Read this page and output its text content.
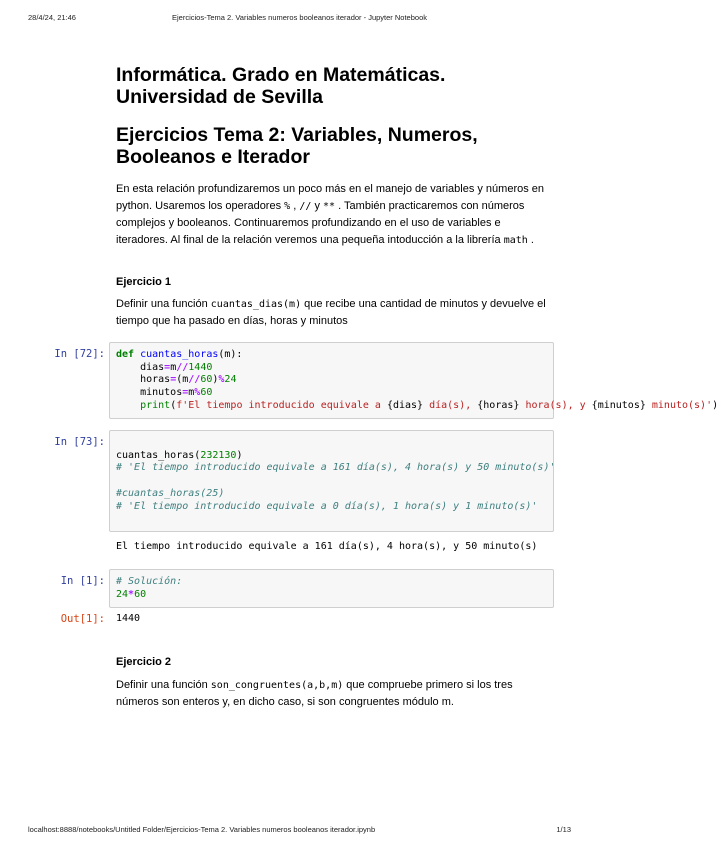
28/4/24, 21:46	Ejercicios-Tema 2. Variables numeros booleanos iterador - Jupyter Notebook
Informática. Grado en Matemáticas.
Universidad de Sevilla
Ejercicios Tema 2: Variables, Numeros,
Booleanos e Iterador

En esta relación profundizaremos un poco más en el manejo de variables y números en python. Usaremos los operadores % , // y ** . También practicaremos con números complejos y booleanos. Continuaremos profundizando en el uso de variables e iteradores. Al final de la relación veremos una pequeña intoducción a la librería math .

Ejercicio 1

Definir una función cuantas_dias(m) que recibe una cantidad de minutos y devuelve el tiempo que ha pasado en días, horas y minutos

In [72]:	def cuantas_horas(m):
dias=m//1440
horas=(m//60)%24
minutos=m%60
print(f'El tiempo introducido equivale a {dias} día(s), {horas} hora(s), y {minutos} minuto(s)')
In [73]:

cuantas_horas(232130)
# 'El tiempo introducido equivale a 161 día(s), 4 hora(s) y 50 minuto(s)'

#cuantas_horas(25)
# 'El tiempo introducido equivale a 0 día(s), 1 hora(s) y 1 minuto(s)'
El tiempo introducido equivale a 161 día(s), 4 hora(s), y 50 minuto(s)
In [1]:	# Solución:
24*60
Out[1]: 1440
Ejercicio 2

Definir una función son_congruentes(a,b,m) que compruebe primero si los tres números son enteros y, en dicho caso, si son congruentes módulo m.

localhost:8888/notebooks/Untitled Folder/Ejercicios-Tema 2. Variables numeros booleanos iterador.ipynb	1/13
